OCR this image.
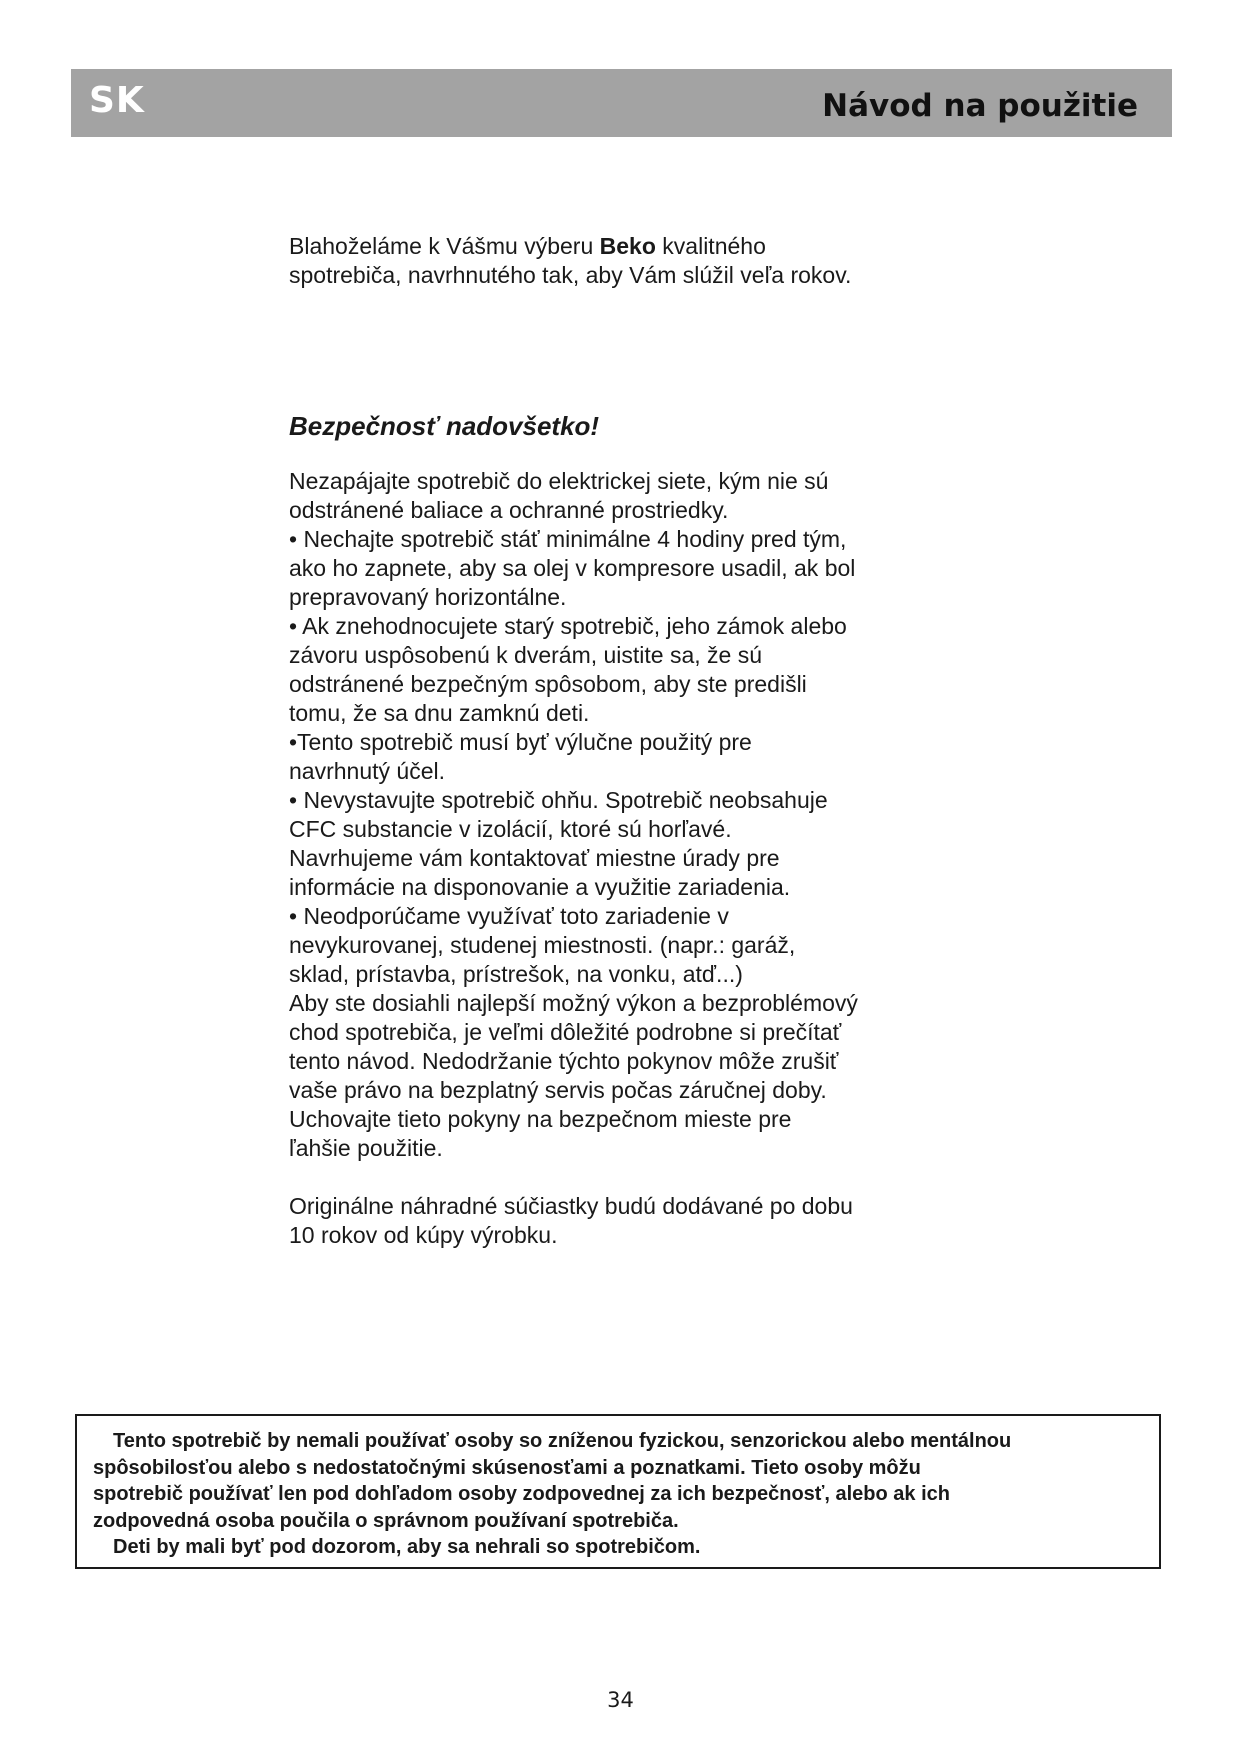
SK	Návod na použitie

Blahoželáme k Vášmu výberu Beko kvalitného
spotrebiča, navrhnutého tak, aby Vám slúžil veľa rokov.

Bezpečnosť nadovšetko!
Nezapájajte spotrebič do elektrickej siete, kým nie sú
odstránené baliace a ochranné prostriedky.
• Nechajte spotrebič stáť minimálne 4 hodiny pred tým,
ako ho zapnete, aby sa olej v kompresore usadil, ak bol
prepravovaný horizontálne.
• Ak znehodnocujete starý spotrebič, jeho zámok alebo
závoru uspôsobenú k dverám, uistite sa, že sú
odstránené bezpečným spôsobom, aby ste predišli
tomu, že sa dnu zamknú deti.
•Tento spotrebič musí byť výlučne použitý pre
navrhnutý účel.
• Nevystavujte spotrebič ohňu. Spotrebič neobsahuje
CFC substancie v izolácií, ktoré sú horľavé.
Navrhujeme vám kontaktovať miestne úrady pre
informácie na disponovanie a využitie zariadenia.
• Neodporúčame využívať toto zariadenie v
nevykurovanej, studenej miestnosti. (napr.: garáž,
sklad, prístavba, prístrešok, na vonku, atď...)
Aby ste dosiahli najlepší možný výkon a bezproblémový
chod spotrebiča, je veľmi dôležité podrobne si prečítať
tento návod. Nedodržanie týchto pokynov môže zrušiť
vaše právo na bezplatný servis počas záručnej doby.
Uchovajte tieto pokyny na bezpečnom mieste pre
ľahšie použitie.
Originálne náhradné súčiastky budú dodávané po dobu
10 rokov od kúpy výrobku.
Tento spotrebič by nemali používať osoby so zníženou fyzickou, senzorickou alebo mentálnou
spôsobilosťou alebo s nedostatočnými skúsenosťami a poznatkami. Tieto osoby môžu
spotrebič používať len pod dohľadom osoby zodpovednej za ich bezpečnosť, alebo ak ich
zodpovedná osoba poučila o správnom používaní spotrebiča.
Deti by mali byť pod dozorom, aby sa nehrali so spotrebičom.
34
